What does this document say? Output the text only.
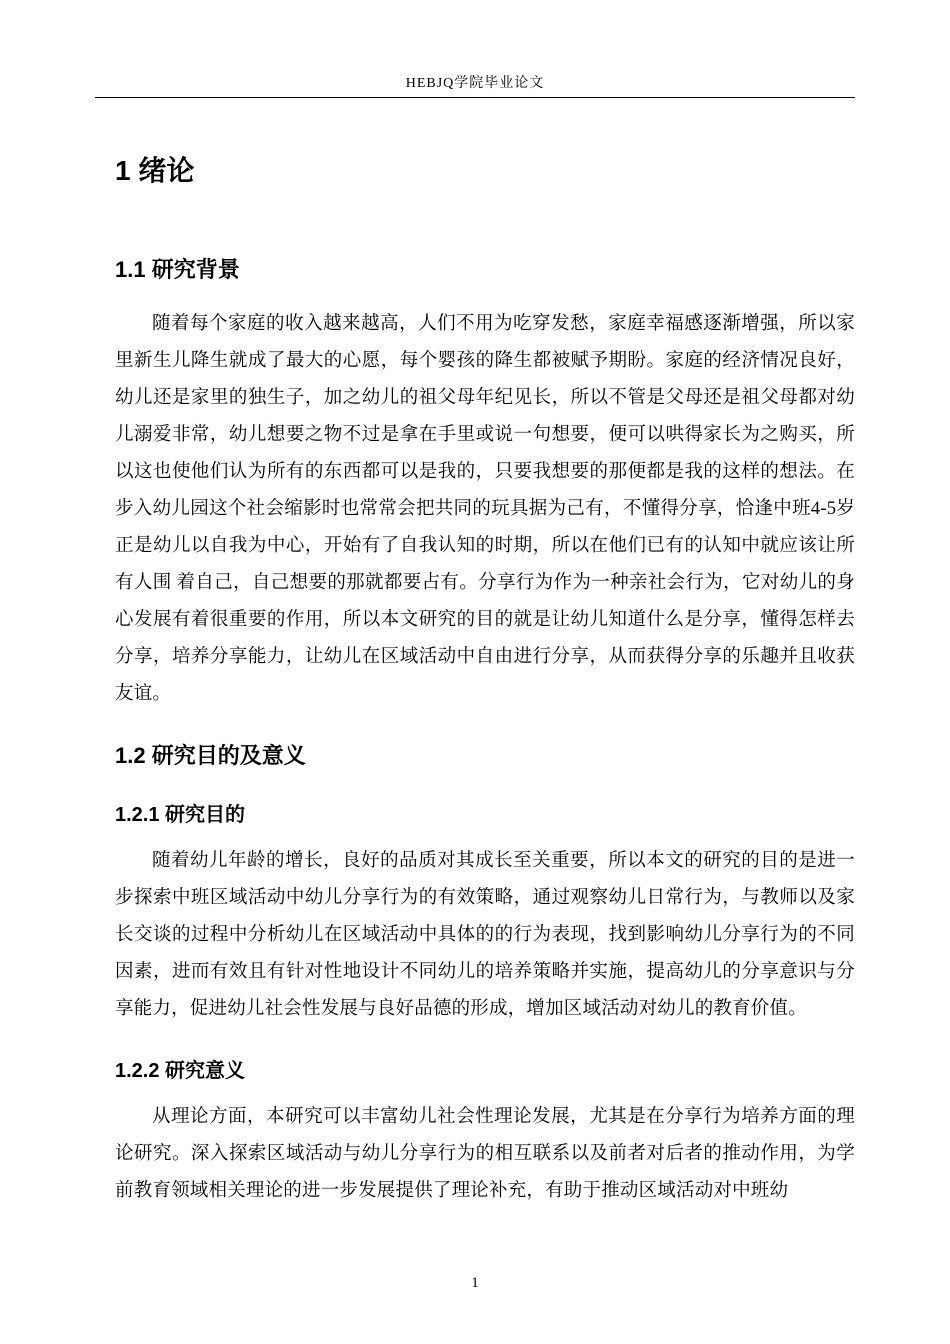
HEBJQ学院毕业论文
1 绪论
1.1 研究背景

随着每个家庭的收入越来越高，人们不用为吃穿发愁，家庭幸福感逐渐增强，所以家里新生儿降生就成了最大的心愿，每个婴孩的降生都被赋予期盼。家庭的经济情况良好，幼儿还是家里的独生子，加之幼儿的祖父母年纪见长，所以不管是父母还是祖父母都对幼儿溺爱非常，幼儿想要之物不过是拿在手里或说一句想要，便可以哄得家长为之购买，所以这也使他们认为所有的东西都可以是我的，只要我想要的那便都是我的这样的想法。在步入幼儿园这个社会缩影时也常常会把共同的玩具据为己有，不懂得分享，恰逢中班4-5岁正是幼儿以自我为中心，开始有了自我认知的时期，所以在他们已有的认知中就应该让所有人围 着自己，自己想要的那就都要占有。分享行为作为一种亲社会行为，它对幼儿的身心发展有着很重要的作用，所以本文研究的目的就是让幼儿知道什么是分享，懂得怎样去分享，培养分享能力，让幼儿在区域活动中自由进行分享，从而获得分享的乐趣并且收获友谊。

1.2 研究目的及意义
1.2.1 研究目的

随着幼儿年龄的增长，良好的品质对其成长至关重要，所以本文的研究的目的是进一步探索中班区域活动中幼儿分享行为的有效策略，通过观察幼儿日常行为，与教师以及家长交谈的过程中分析幼儿在区域活动中具体的的行为表现，找到影响幼儿分享行为的不同因素，进而有效且有针对性地设计不同幼儿的培养策略并实施，提高幼儿的分享意识与分享能力，促进幼儿社会性发展与良好品德的形成，增加区域活动对幼儿的教育价值。

1.2.2 研究意义

从理论方面，本研究可以丰富幼儿社会性理论发展，尤其是在分享行为培养方面的理论研究。深入探索区域活动与幼儿分享行为的相互联系以及前者对后者的推动作用，为学前教育领域相关理论的进一步发展提供了理论补充，有助于推动区域活动对中班幼

1
